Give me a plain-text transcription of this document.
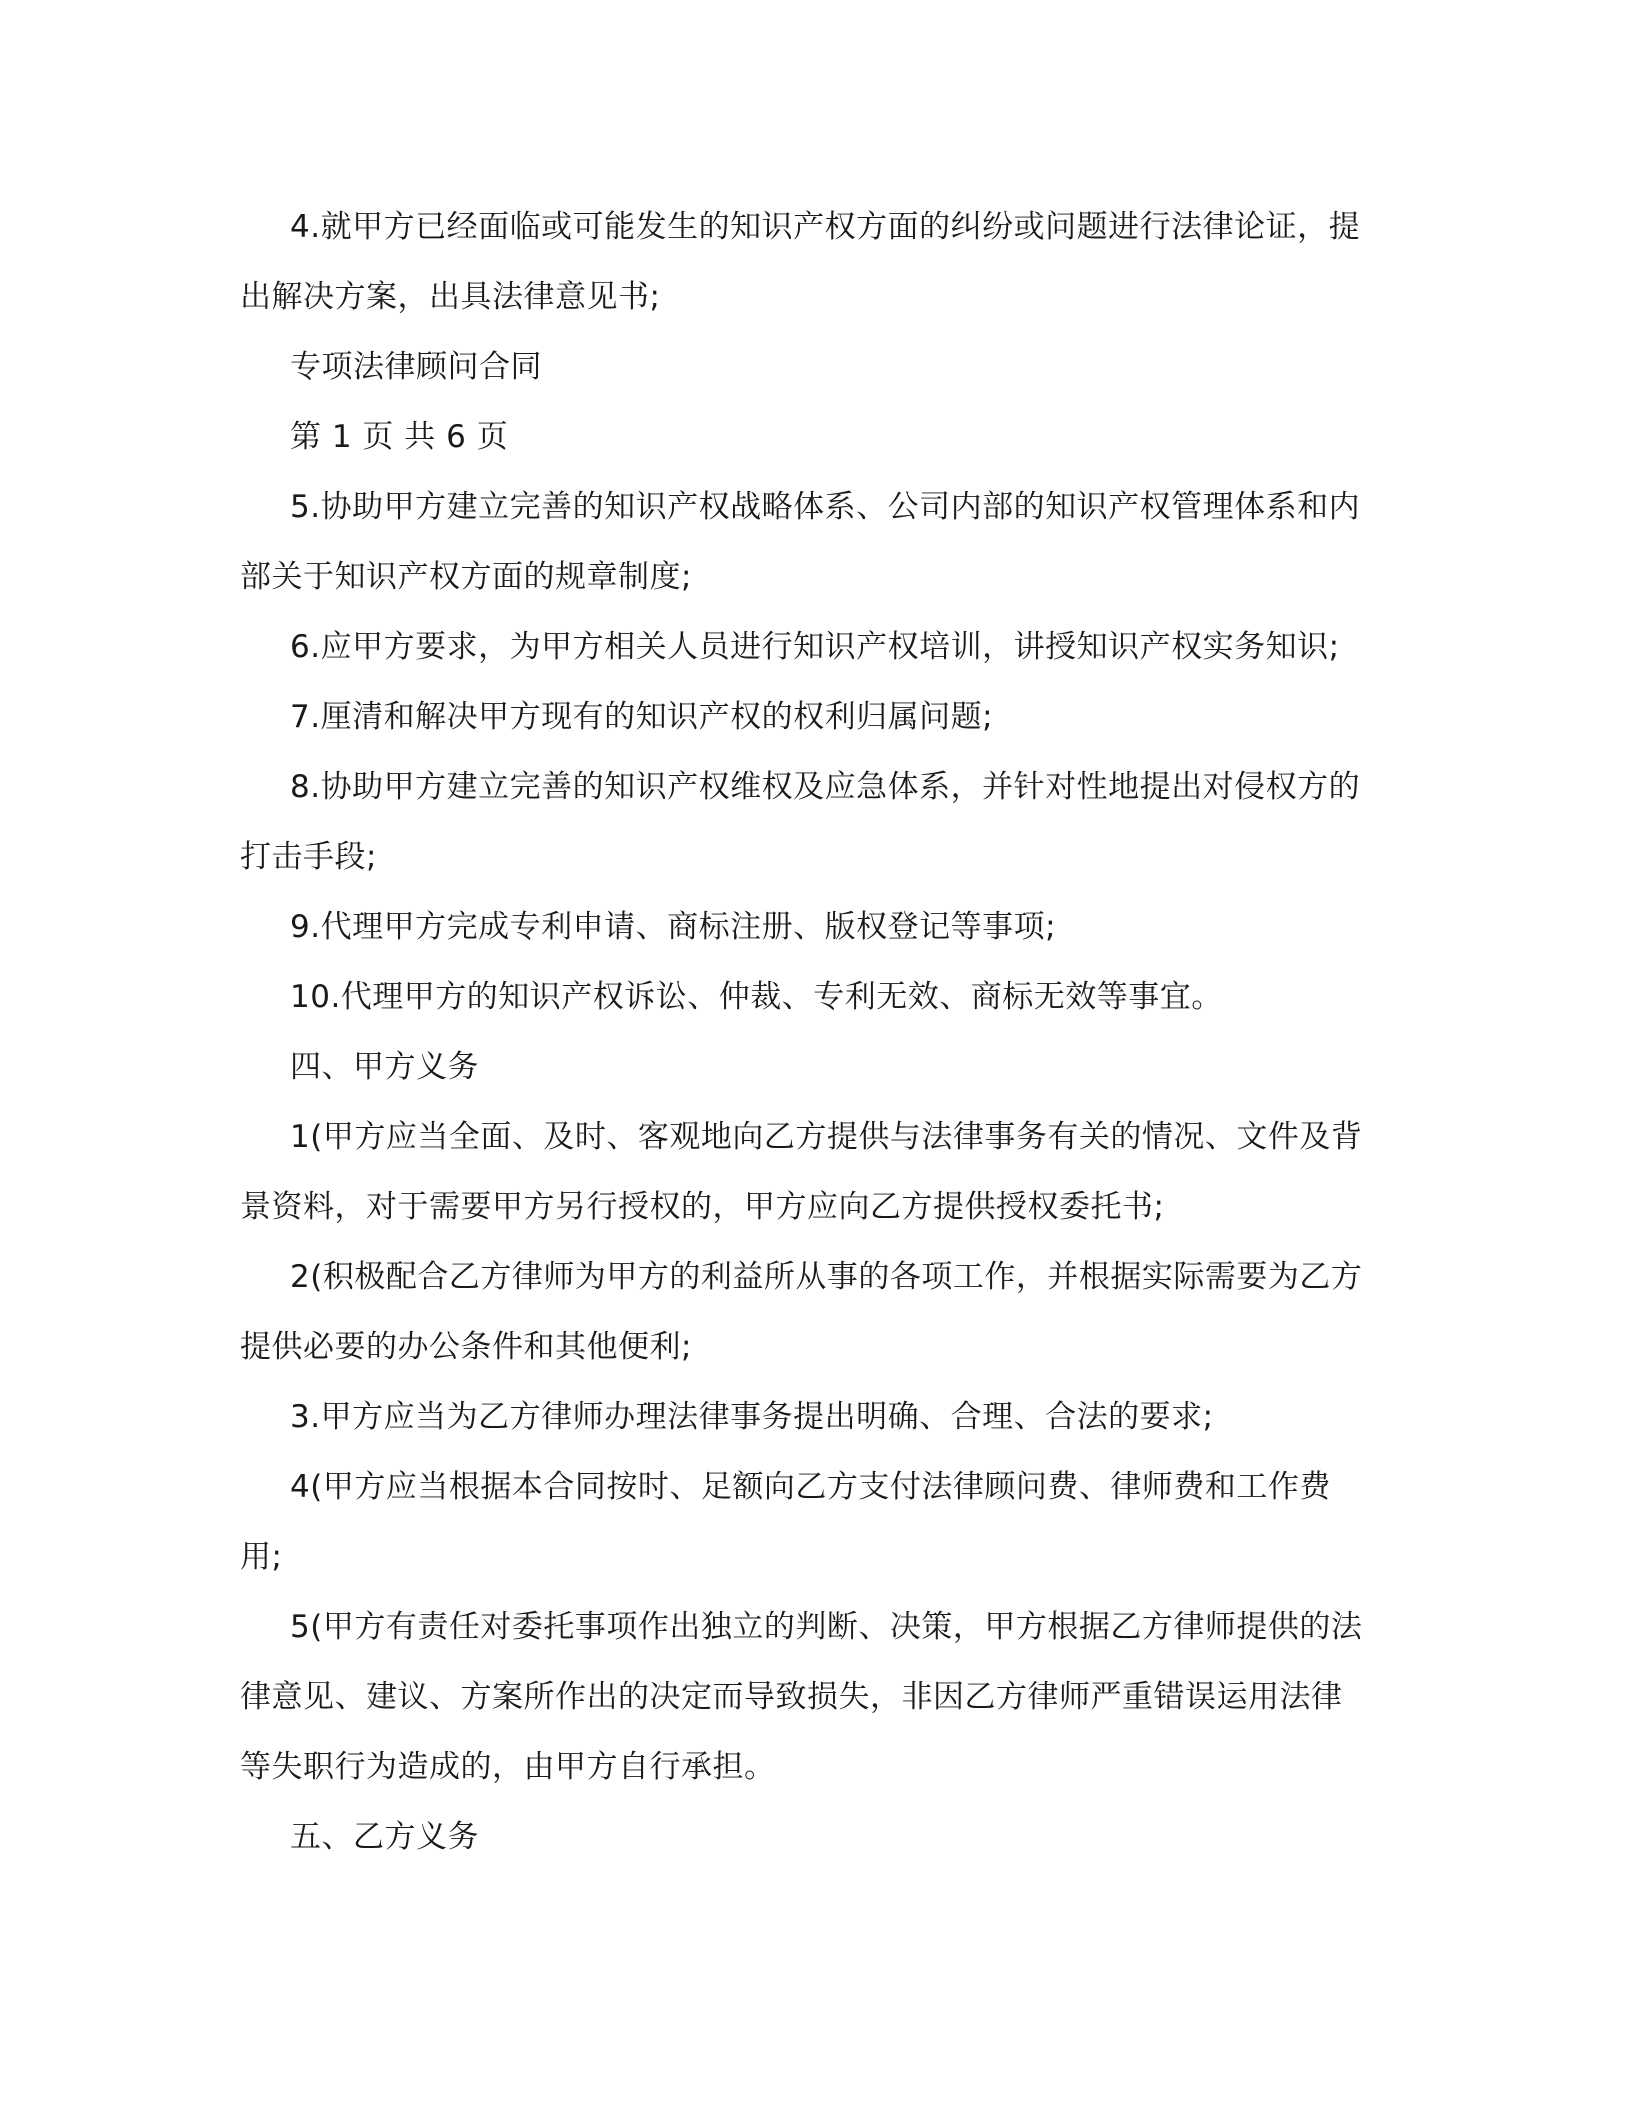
4.就甲方已经面临或可能发生的知识产权方面的纠纷或问题进行法律论证，提出解决方案，出具法律意见书;

专项法律顾问合同

第 1 页 共 6 页

5.协助甲方建立完善的知识产权战略体系、公司内部的知识产权管理体系和内部关于知识产权方面的规章制度;

6.应甲方要求，为甲方相关人员进行知识产权培训，讲授知识产权实务知识;

7.厘清和解决甲方现有的知识产权的权利归属问题;

8.协助甲方建立完善的知识产权维权及应急体系，并针对性地提出对侵权方的打击手段;

9.代理甲方完成专利申请、商标注册、版权登记等事项;

10.代理甲方的知识产权诉讼、仲裁、专利无效、商标无效等事宜。

四、甲方义务

1(甲方应当全面、及时、客观地向乙方提供与法律事务有关的情况、文件及背景资料，对于需要甲方另行授权的，甲方应向乙方提供授权委托书;

2(积极配合乙方律师为甲方的利益所从事的各项工作，并根据实际需要为乙方提供必要的办公条件和其他便利;

3.甲方应当为乙方律师办理法律事务提出明确、合理、合法的要求;

4(甲方应当根据本合同按时、足额向乙方支付法律顾问费、律师费和工作费用;

5(甲方有责任对委托事项作出独立的判断、决策，甲方根据乙方律师提供的法律意见、建议、方案所作出的决定而导致损失，非因乙方律师严重错误运用法律等失职行为造成的，由甲方自行承担。

五、乙方义务
